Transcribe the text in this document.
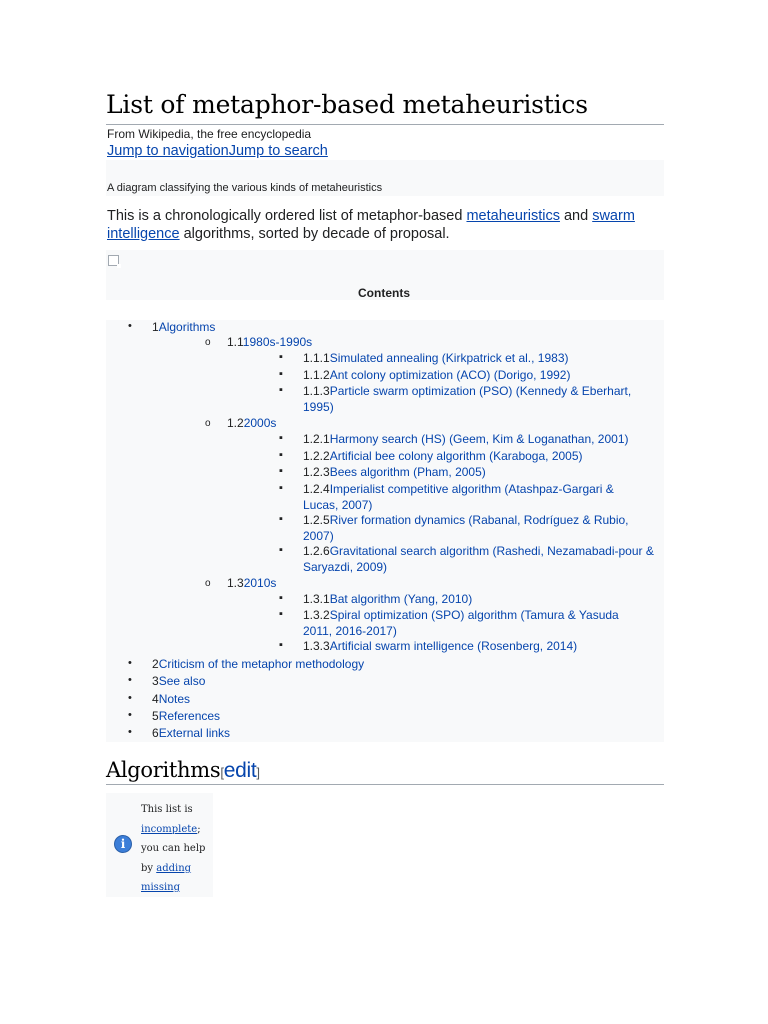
List of metaphor-based metaheuristics
From Wikipedia, the free encyclopedia
Jump to navigationJump to search
A diagram classifying the various kinds of metaheuristics
This is a chronologically ordered list of metaphor-based metaheuristics and swarm intelligence algorithms, sorted by decade of proposal.
Contents
• 1Algorithms
o 1.11980s-1990s
▪ 1.1.1Simulated annealing (Kirkpatrick et al., 1983)
▪ 1.1.2Ant colony optimization (ACO) (Dorigo, 1992)
▪ 1.1.3Particle swarm optimization (PSO) (Kennedy & Eberhart, 1995)
o 1.22000s
▪ 1.2.1Harmony search (HS) (Geem, Kim & Loganathan, 2001)
▪ 1.2.2Artificial bee colony algorithm (Karaboga, 2005)
▪ 1.2.3Bees algorithm (Pham, 2005)
▪ 1.2.4Imperialist competitive algorithm (Atashpaz-Gargari & Lucas, 2007)
▪ 1.2.5River formation dynamics (Rabanal, Rodríguez & Rubio, 2007)
▪ 1.2.6Gravitational search algorithm (Rashedi, Nezamabadi-pour & Saryazdi, 2009)
o 1.32010s
▪ 1.3.1Bat algorithm (Yang, 2010)
▪ 1.3.2Spiral optimization (SPO) algorithm (Tamura & Yasuda 2011, 2016-2017)
▪ 1.3.3Artificial swarm intelligence (Rosenberg, 2014)
• 2Criticism of the metaphor methodology
• 3See also
• 4Notes
• 5References
• 6External links
Algorithms[edit]
i
This list is incomplete; you can help by adding missing
